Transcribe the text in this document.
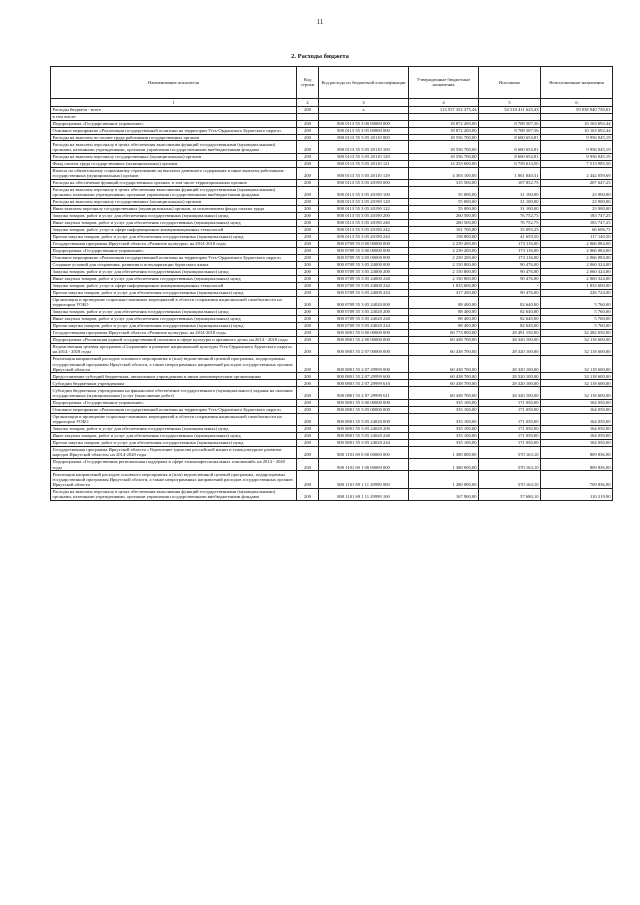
11
2. Расходы бюджета
Наименование показателя	Код строки	Код расхода по бюджетной классификации	Утвержденные бюджетные назначения	Исполнено	Неисполненные назначения
1	2	3	4	5	6
Расходы бюджета - всего	200	x	113 557 352 375,44	54 518 411 625,43	59 038 940 750,01
в том числе:					
Подпрограмма «Государственное управление»	200	800 0113 55 3 00 00000 000	18 872 200,00	8 708 507,56	10 163 692,44
Основное мероприятие «Реализация государственной политики на территории Усть-Ордынского Бурятского округа»	200	800 0113 55 3 05 00000 000	18 872 200,00	8 708 507,56	10 163 692,44
Расходы на выплаты по оплате труда работников государственных органов	200	800 0113 55 3 05 20110 000	18 556 700,00	8 600 654,81	9 956 045,19
Расходы на выплаты персоналу в целях обеспечения выполнения функций государственными (муниципальными) органами, казенными учреждениями, органами управления государственными внебюджетными фондами	200	800 0113 55 3 05 20110 100	18 556 700,00	8 600 654,81	9 956 045,19
Расходы на выплаты персоналу государственных (муниципальных) органов	200	800 0113 55 3 05 20110 120	18 556 700,00	8 600 654,81	9 956 045,19
Фонд оплаты труда государственных (муниципальных) органов	200	800 0113 55 3 05 20110 121	14 253 600,00	6 739 614,50	7 513 985,50
Взносы по обязательному социальному страхованию на выплаты денежного содержания и иные выплаты работникам государственных (муниципальных) органов	200	800 0113 55 3 05 20110 129	4 303 100,00	1 861 040,31	2 442 059,69
Расходы на обеспечение функций государственных органов, в том числе территориальных органов	200	800 0113 55 3 05 20190 000	315 500,00	107 852,75	207 647,25
Расходы на выплаты персоналу в целях обеспечения выполнения функций государственными (муниципальными) органами, казенными учреждениями, органами управления государственными внебюджетными фондами	200	800 0113 55 3 05 20190 100	55 000,00	31 100,00	23 900,00
Расходы на выплаты персоналу государственных (муниципальных) органов	200	800 0113 55 3 05 20190 120	55 000,00	31 100,00	23 900,00
Иные выплаты персоналу государственных (муниципальных) органов, за исключением фонда оплаты труда	200	800 0113 55 3 05 20190 122	55 000,00	31 100,00	23 900,00
Закупка товаров, работ и услуг для обеспечения государственных (муниципальных) нужд	200	800 0113 55 3 05 20190 200	260 500,00	76 752,75	183 747,25
Иные закупки товаров, работ и услуг для обеспечения государственных (муниципальных) нужд	200	800 0113 55 3 05 20190 240	260 500,00	76 752,75	183 747,25
Закупка товаров, работ, услуг в сфере информационно-коммуникационных технологий	200	800 0113 55 3 05 20190 242	101 700,00	35 093,25	66 606,75
Прочая закупка товаров, работ и услуг для обеспечения государственных (муниципальных) нужд	200	800 0113 55 3 05 20190 244	158 800,00	41 659,50	117 140,50
Государственная программа Иркутской области «Развитие культуры» на 2014-2018 годы	200	800 0709 55 0 00 00000 000	2 239 200,00	173 116,00	2 066 084,00
Подпрограмма «Государственное управление»	200	800 0709 55 3 00 00000 000	2 239 200,00	173 116,00	2 066 084,00
Основное мероприятие «Реализация государственной политики на территории Усть-Ордынского Бурятского округа»	200	800 0709 55 3 05 00000 000	2 239 200,00	173 116,00	2 066 084,00
Создание условий для сохранения, развития и популяризации бурятского языка	200	800 0709 55 3 05 24000 000	2 150 800,00	90 476,00	2 060 324,00
Закупка товаров, работ и услуг для обеспечения государственных (муниципальных) нужд	200	800 0709 55 3 05 24000 200	2 150 800,00	90 476,00	2 060 324,00
Иные закупки товаров, работ и услуг для обеспечения государственных (муниципальных) нужд	200	800 0709 55 3 05 24000 240	2 150 800,00	90 476,00	2 060 324,00
Закупка товаров, работ, услуг в сфере информационно-коммуникационных технологий	200	800 0709 55 3 05 24000 242	1 833 600,00	-	1 833 600,00
Прочая закупка товаров, работ и услуг для обеспечения государственных (муниципальных) нужд	200	800 0709 55 3 05 24000 244	317 200,00	90 476,00	226 724,00
Организация и проведение социально-значимых мероприятий в области сохранения национальной самобытности на территории УОБО	200	800 0709 55 3 05 24020 000	88 400,00	82 640,00	5 760,00
Закупка товаров, работ и услуг для обеспечения государственных (муниципальных) нужд	200	800 0709 55 3 05 24020 200	88 400,00	82 640,00	5 760,00
Иные закупки товаров, работ и услуг для обеспечения государственных (муниципальных) нужд	200	800 0709 55 3 05 24020 240	88 400,00	82 640,00	5 760,00
Прочая закупка товаров, работ и услуг для обеспечения государственных (муниципальных) нужд	200	800 0709 55 3 05 24020 244	88 400,00	82 640,00	5 760,00
Государственная программа Иркутской области «Развитие культуры» на 2014-2018 годы	200	800 0801 55 0 00 00000 000	60 773 800,00	28 491 150,00	32 282 650,00
Подпрограмма «Реализация единой государственной политики в сфере культуры и архивного дела» на 2014 - 2018 годы	200	800 0801 55 2 00 00000 000	60 438 700,00	28 320 100,00	32 118 600,00
Ведомственная целевая программа «Сохранение и развитие национальной культуры Усть-Ордынского Бурятского округа» на 2014 - 2018 годы	200	800 0801 55 2 07 00000 000	60 438 700,00	28 320 100,00	32 118 600,00
Реализация направлений расходов основного мероприятия и (или) ведомственной целевой программы, подпрограммы государственной программы Иркутской области, а также непрограммных направлений расходов государственных органов Иркутской области	200	800 0801 55 2 07 29999 000	60 438 700,00	28 320 100,00	32 118 600,00
Предоставление субсидий бюджетным, автономным учреждениям и иным некоммерческим организациям	200	800 0801 55 2 07 29999 600	60 438 700,00	28 320 100,00	32 118 600,00
Субсидии бюджетным учреждениям	200	800 0801 55 2 07 29999 610	60 438 700,00	28 320 100,00	32 118 600,00
Субсидии бюджетным учреждениям на финансовое обеспечение государственного (муниципального) задания на оказание государственных (муниципальных) услуг (выполнение работ)	200	800 0801 55 2 07 29999 611	60 438 700,00	28 320 100,00	32 118 600,00
Подпрограмма «Государственное управление»	200	800 0801 55 3 00 00000 000	335 100,00	171 050,00	164 050,00
Основное мероприятие «Реализация государственной политики на территории Усть-Ордынского Бурятского округа»	200	800 0801 55 3 05 00000 000	335 100,00	171 050,00	164 050,00
Организация и проведение социально-значимых мероприятий в области сохранения национальной самобытности на территории УОБО	200	800 0801 55 3 05 24020 000	335 100,00	171 050,00	164 050,00
Закупка товаров, работ и услуг для обеспечения государственных (муниципальных) нужд	200	800 0801 55 3 05 24020 200	335 100,00	171 050,00	164 050,00
Иные закупки товаров, работ и услуг для обеспечения государственных (муниципальных) нужд	200	800 0801 55 3 05 24020 240	335 100,00	171 050,00	164 050,00
Прочая закупка товаров, работ и услуг для обеспечения государственных (муниципальных) нужд	200	800 0801 55 3 05 24020 244	335 100,00	171 050,00	164 050,00
Государственная программа Иркутской области «Укрепление единства российской нации и этнокультурное развитие народов Иркутской области» на 2014-2020 годы	200	800 1101 69 0 00 00000 000	1 380 000,00	570 163,10	809 836,90
Подпрограмма «Государственная региональная поддержка в сфере этноконфессиональных отношений» на 2014 - 2020 годы	200	800 1101 69 1 00 00000 000	1 380 000,00	570 163,10	809 836,90
Реализация направлений расходов основного мероприятия и (или) ведомственной целевой программы, подпрограммы государственной программы Иркутской области, а также непрограммных направлений расходов государственных органов Иркутской области	200	800 1101 69 1 11 29999 000	1 280 000,00	570 163,10	709 836,90
Расходы на выплаты персоналу в целях обеспечения выполнения функций государственными (муниципальными) органами, казенными учреждениями, органами управления государственными внебюджетными фондами	200	800 1101 69 1 11 29999 100	167 900,00	57 680,10	110 219,90
